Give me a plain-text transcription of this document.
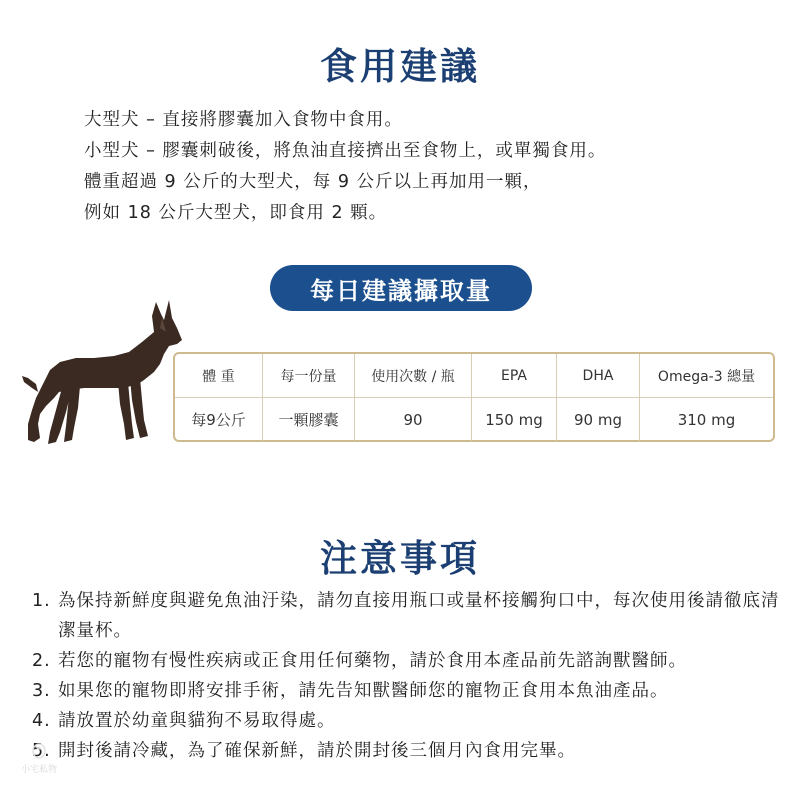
食用建議
大型犬 – 直接將膠囊加入食物中食用。
小型犬 – 膠囊刺破後，將魚油直接擠出至食物上，或單獨食用。
體重超過 9 公斤的大型犬，每 9 公斤以上再加用一顆，
例如 18 公斤大型犬，即食用 2 顆。
每日建議攝取量
體 重	每一份量	使用次數 / 瓶	EPA	DHA	Omega-3 總量
每9公斤	一顆膠囊	90	150 mg	90 mg	310 mg
注意事項
1. 為保持新鮮度與避免魚油汙染，請勿直接用瓶口或量杯接觸狗口中，每次使用後請徹底清潔量杯。
2. 若您的寵物有慢性疾病或正食用任何藥物，請於食用本產品前先諮詢獸醫師。
3. 如果您的寵物即將安排手術，請先告知獸醫師您的寵物正食用本魚油產品。
4. 請放置於幼童與貓狗不易取得處。
5. 開封後請冷藏，為了確保新鮮，請於開封後三個月內食用完畢。
小宅私物
